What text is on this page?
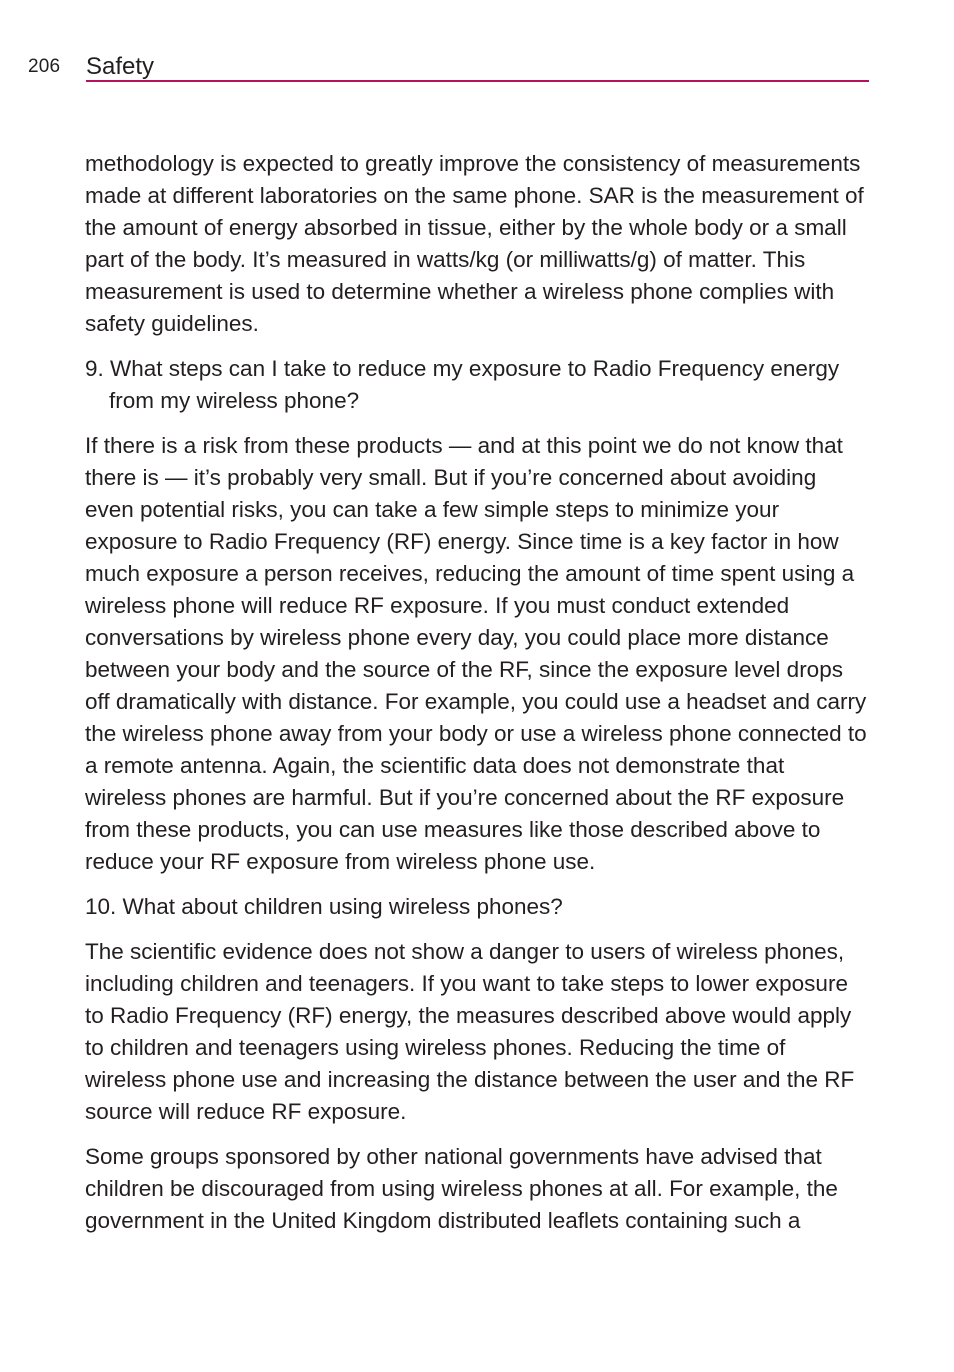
206 Safety

methodology is expected to greatly improve the consistency of measurements made at different laboratories on the same phone. SAR is the measurement of the amount of energy absorbed in tissue, either by the whole body or a small part of the body. It’s measured in watts/kg (or milliwatts/g) of matter. This measurement is used to determine whether a wireless phone complies with safety guidelines.

9. What steps can I take to reduce my exposure to Radio Frequency energy from my wireless phone?

If there is a risk from these products — and at this point we do not know that there is — it’s probably very small. But if you’re concerned about avoiding even potential risks, you can take a few simple steps to minimize your exposure to Radio Frequency (RF) energy. Since time is a key factor in how much exposure a person receives, reducing the amount of time spent using a wireless phone will reduce RF exposure. If you must conduct extended conversations by wireless phone every day, you could place more distance between your body and the source of the RF, since the exposure level drops off dramatically with distance. For example, you could use a headset and carry the wireless phone away from your body or use a wireless phone connected to a remote antenna. Again, the scientific data does not demonstrate that wireless phones are harmful. But if you’re concerned about the RF exposure from these products, you can use measures like those described above to reduce your RF exposure from wireless phone use.

10. What about children using wireless phones?

The scientific evidence does not show a danger to users of wireless phones, including children and teenagers. If you want to take steps to lower exposure to Radio Frequency (RF) energy, the measures described above would apply to children and teenagers using wireless phones. Reducing the time of wireless phone use and increasing the distance between the user and the RF source will reduce RF exposure.

Some groups sponsored by other national governments have advised that children be discouraged from using wireless phones at all. For example, the government in the United Kingdom distributed leaflets containing such a
